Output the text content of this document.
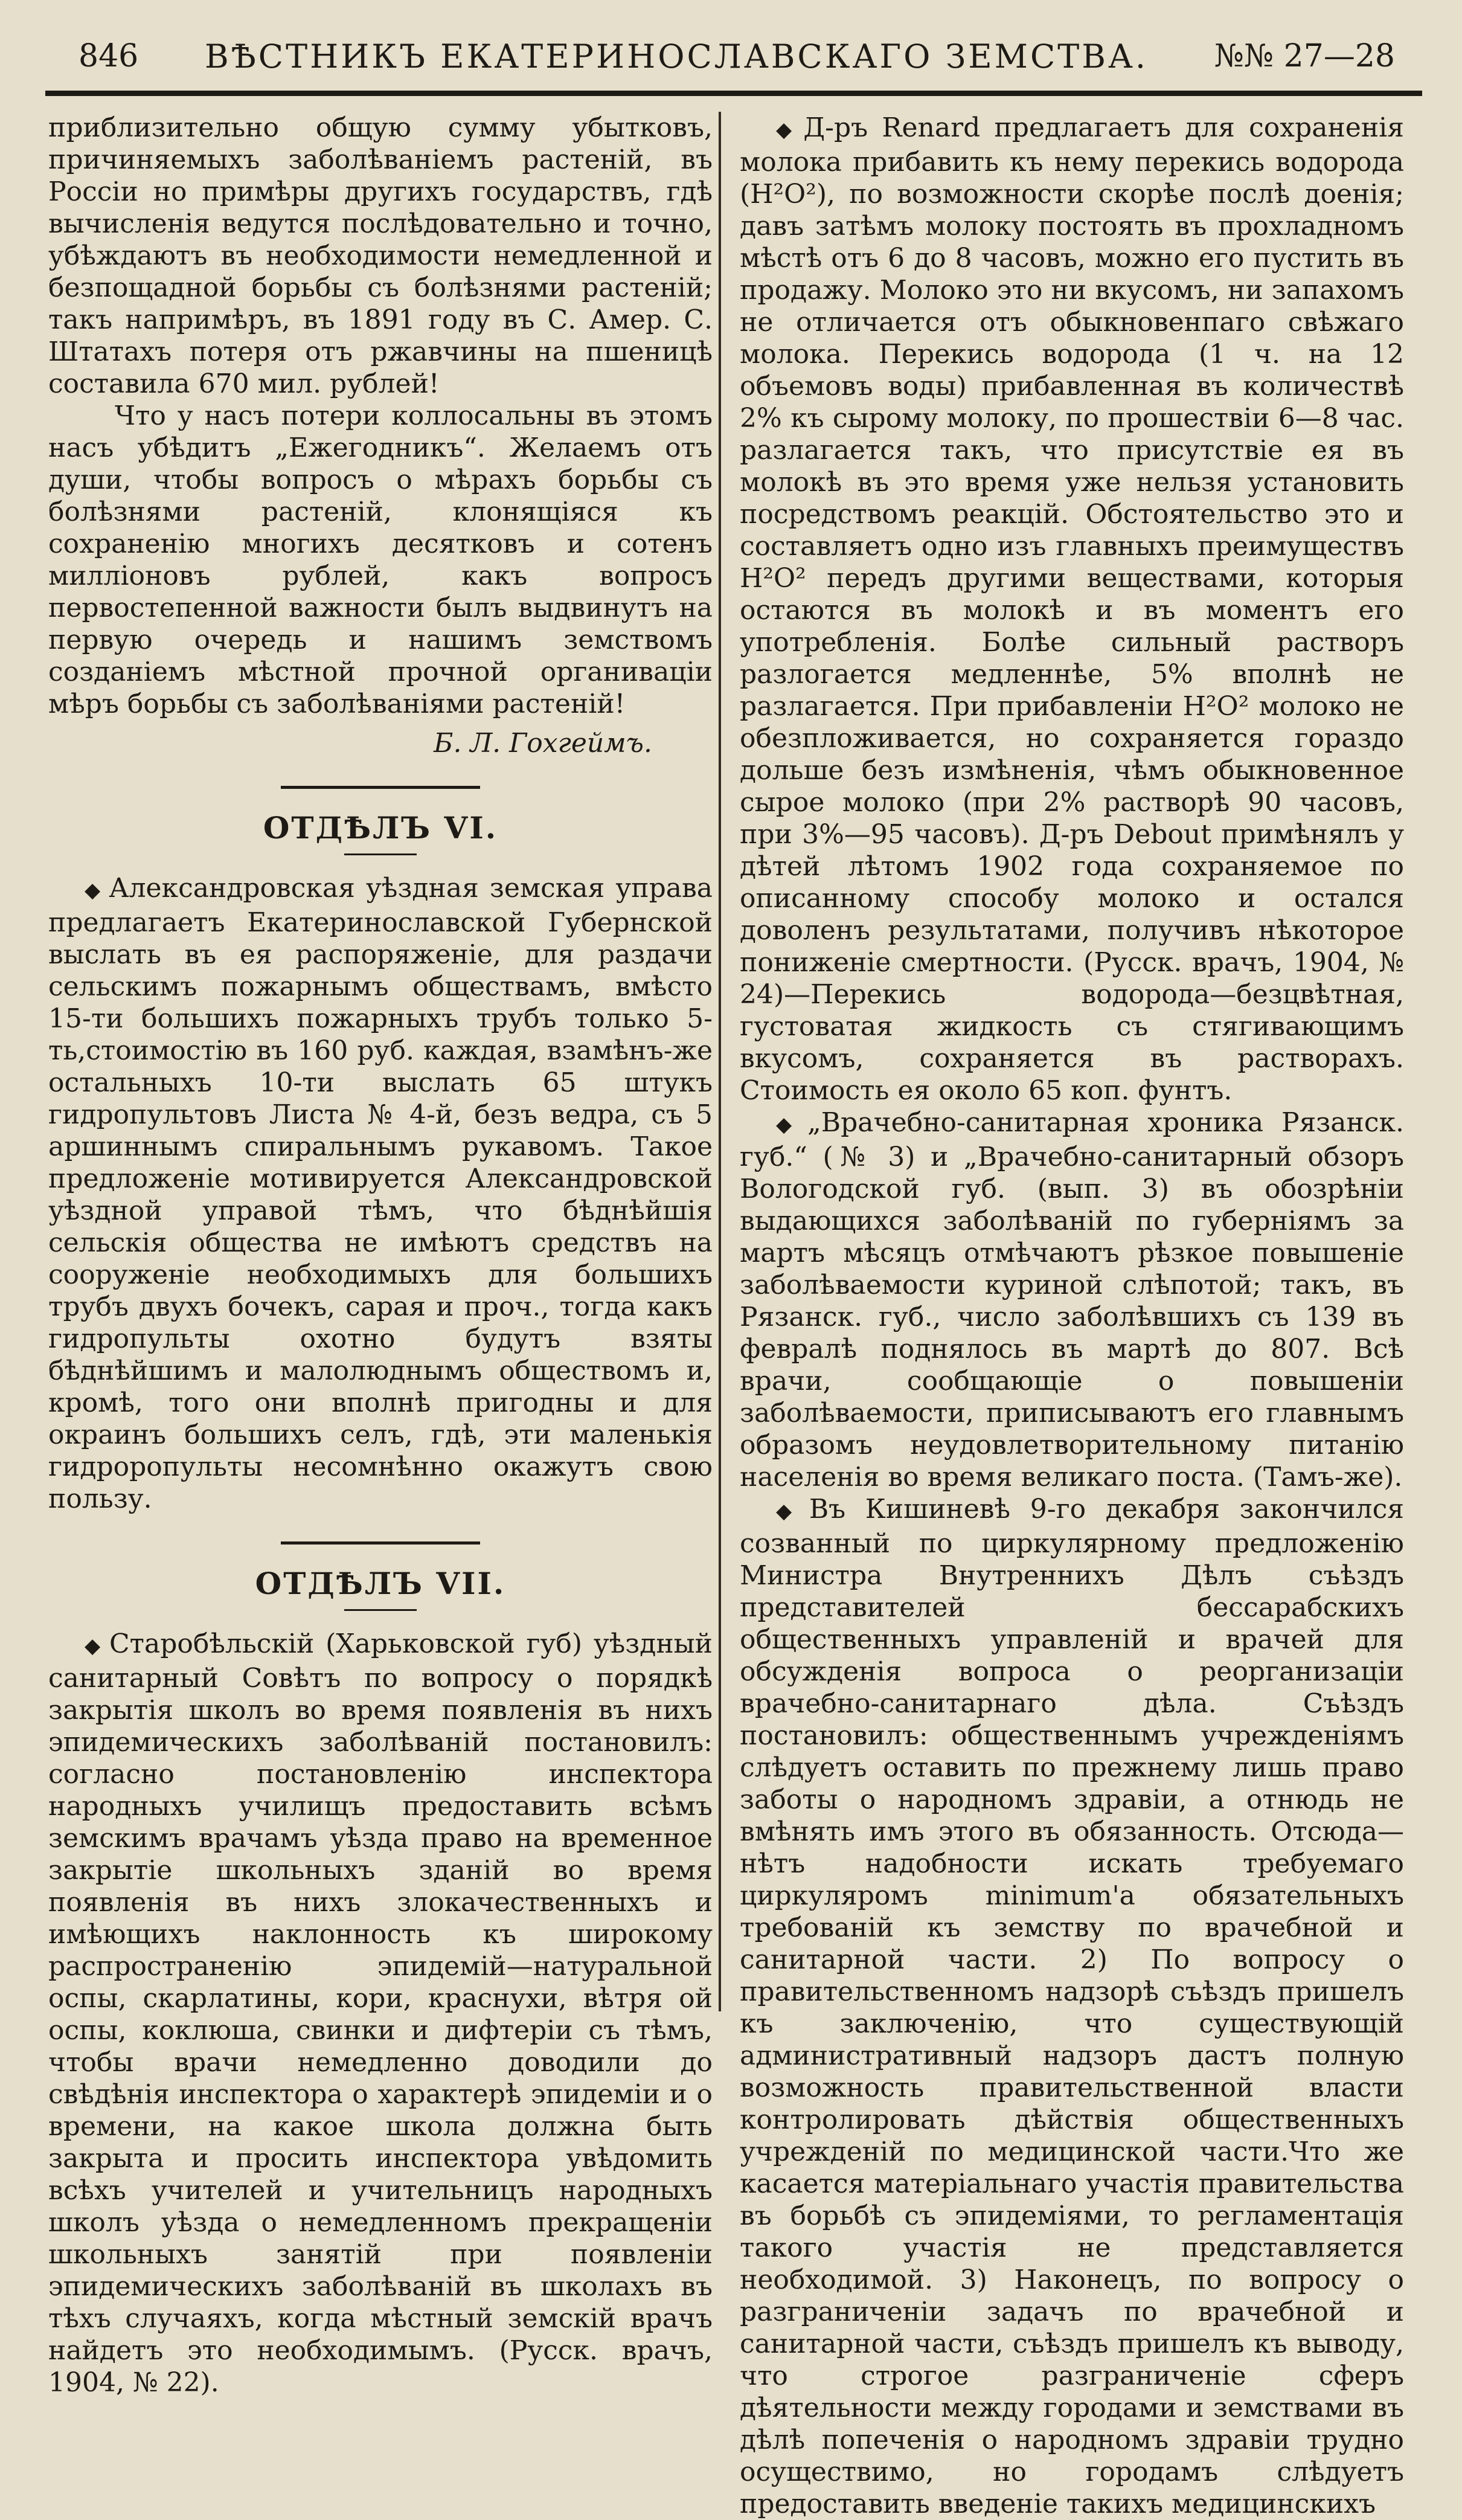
846 ВѢСТНИКЪ ЕКАТЕРИНОСЛАВСКАГО ЗЕМСТВА. №№ 27—28

приблизительно общую сумму убытковъ, причиняемыхъ заболѣваніемъ растеній, въ Россіи но примѣры другихъ государствъ, гдѣ вычисленія ведутся послѣдовательно и точно, убѣждаютъ въ необходимости немедленной и безпощадной борьбы съ болѣзнями растеній; такъ напримѣръ, въ 1891 году въ С. Амер. С. Штатахъ потеря отъ ржавчины на пшеницѣ составила 670 мил. рублей!

Что у насъ потери коллосальны въ этомъ насъ убѣдитъ „Ежегодникъ“. Желаемъ отъ души, чтобы вопросъ о мѣрахъ борьбы съ болѣзнями растеній, клонящіяся къ сохраненію многихъ десятковъ и сотенъ милліоновъ рублей, какъ вопросъ первостепенной важности былъ выдвинутъ на первую очередь и нашимъ земствомъ созданіемъ мѣстной прочной органиваціи мѣръ борьбы съ заболѣваніями растеній!

Б. Л. Гохгеймъ.

ОТДѢЛЪ VI.

◆ Александровская уѣздная земская управа предлагаетъ Екатеринославской Губернской выслать въ ея распоряженіе, для раздачи сельскимъ пожарнымъ обществамъ, вмѣсто 15-ти большихъ пожарныхъ трубъ только 5-ть,стоимостію въ 160 руб. каждая, взамѣнъ-же остальныхъ 10-ти выслать 65 штукъ гидропультовъ Листа № 4-й, безъ ведра, съ 5 аршиннымъ спиральнымъ рукавомъ. Такое предложеніе мотивируется Александровской уѣздной управой тѣмъ, что бѣднѣйшія сельскія общества не имѣютъ средствъ на сооруженіе необходимыхъ для большихъ трубъ двухъ бочекъ, сарая и проч., тогда какъ гидропульты охотно будутъ взяты бѣднѣйшимъ и малолюднымъ обществомъ и, кромѣ, того они вполнѣ пригодны и для окраинъ большихъ селъ, гдѣ, эти маленькія гидроропульты несомнѣнно окажутъ свою пользу.

ОТДѢЛЪ VII.

◆ Старобѣльскій (Харьковской губ) уѣздный санитарный Совѣтъ по вопросу о порядкѣ закрытія школъ во время появленія въ нихъ эпидемическихъ заболѣваній постановилъ: согласно постановленію инспектора народныхъ училищъ предоставить всѣмъ земскимъ врачамъ уѣзда право на временное закрытіе школьныхъ зданій во время появленія въ нихъ злокачественныхъ и имѣющихъ наклонность къ широкому распространенію эпидемій—натуральной оспы, скарлатины, кори, краснухи, вѣтря ой оспы, коклюша, свинки и дифтеріи съ тѣмъ, чтобы врачи немедленно доводили до свѣдѣнія инспектора о характерѣ эпидеміи и о времени, на какое школа должна быть закрыта и просить инспектора увѣдомить всѣхъ учителей и учительницъ народныхъ школъ уѣзда о немедленномъ прекращеніи школьныхъ занятій при появленіи эпидемическихъ заболѣваній въ школахъ въ тѣхъ случаяхъ, когда мѣстный земскій врачъ найдетъ это необходимымъ. (Русск. врачъ, 1904, № 22).

◆ Д-ръ Renard предлагаетъ для сохраненія молока прибавить къ нему перекись водорода (H²O²), по возможности скорѣе послѣ доенія; давъ затѣмъ молоку постоять въ прохладномъ мѣстѣ отъ 6 до 8 часовъ, можно его пустить въ продажу. Молоко это ни вкусомъ, ни запахомъ не отличается отъ обыкновенпаго свѣжаго молока. Перекись водорода (1 ч. на 12 объемовъ воды) прибавленная въ количествѣ 2% къ сырому молоку, по прошествіи 6—8 час. разлагается такъ, что присутствіе ея въ молокѣ въ это время уже нельзя установить посредствомъ реакцій. Обстоятельство это и составляетъ одно изъ главныхъ преимуществъ H²O² передъ другими веществами, которыя остаются въ молокѣ и въ моментъ его употребленія. Болѣе сильный растворъ разлогается медленнѣе, 5% вполнѣ не разлагается. При прибавленіи H²O² молоко не обезпложивается, но сохраняется гораздо дольше безъ измѣненія, чѣмъ обыкновенное сырое молоко (при 2% растворѣ 90 часовъ, при 3%—95 часовъ). Д-ръ Debout примѣнялъ у дѣтей лѣтомъ 1902 года сохраняемое по описанному способу молоко и остался доволенъ результатами, получивъ нѣкоторое пониженіе смертности. (Русск. врачъ, 1904, № 24)—Перекись водорода—безцвѣтная, густоватая жидкость съ стягивающимъ вкусомъ, сохраняется въ растворахъ. Стоимость ея около 65 коп. фунтъ.

◆ „Врачебно-санитарная хроника Рязанск. губ.“ (№ 3) и „Врачебно-санитарный обзоръ Вологодской губ. (вып. 3) въ обозрѣніи выдающихся заболѣваній по губерніямъ за мартъ мѣсяцъ отмѣчаютъ рѣзкое повышеніе заболѣваемости куриной слѣпотой; такъ, въ Рязанск. губ., число заболѣвшихъ съ 139 въ февралѣ поднялось въ мартѣ до 807. Всѣ врачи, сообщающіе о повышеніи заболѣваемости, приписываютъ его главнымъ образомъ неудовлетворительному питанію населенія во время великаго поста. (Тамъ-же).

◆ Въ Кишиневѣ 9-го декабря закончился созванный по циркулярному предложенію Министра Внутреннихъ Дѣлъ съѣздъ представителей бессарабскихъ общественныхъ управленій и врачей для обсужденія вопроса о реорганизаціи врачебно-санитарнаго дѣла. Съѣздъ постановилъ: общественнымъ учрежденіямъ слѣдуетъ оставить по прежнему лишь право заботы о народномъ здравіи, а отнюдь не вмѣнять имъ этого въ обязанность. Отсюда—нѣтъ надобности искать требуемаго циркуляромъ minimum'a обязательныхъ требованій къ земству по врачебной и санитарной части. 2) По вопросу о правительственномъ надзорѣ съѣздъ пришелъ къ заключенію, что существующій административный надзоръ дастъ полную возможность правительственной власти контролировать дѣйствія общественныхъ учрежденій по медицинской части.Что же касается матеріальнаго участія правительства въ борьбѣ съ эпидеміями, то регламентація такого участія не представляется необходимой. 3) Наконецъ, по вопросу о разграниченіи задачъ по врачебной и санитарной части, съѣздъ пришелъ къ выводу, что строгое разграниченіе сферъ дѣятельности между городами и земствами въ дѣлѣ попеченія о народномъ здравіи трудно осуществимо, но городамъ слѣдуетъ предоставить введеніе такихъ медицинскихъ
